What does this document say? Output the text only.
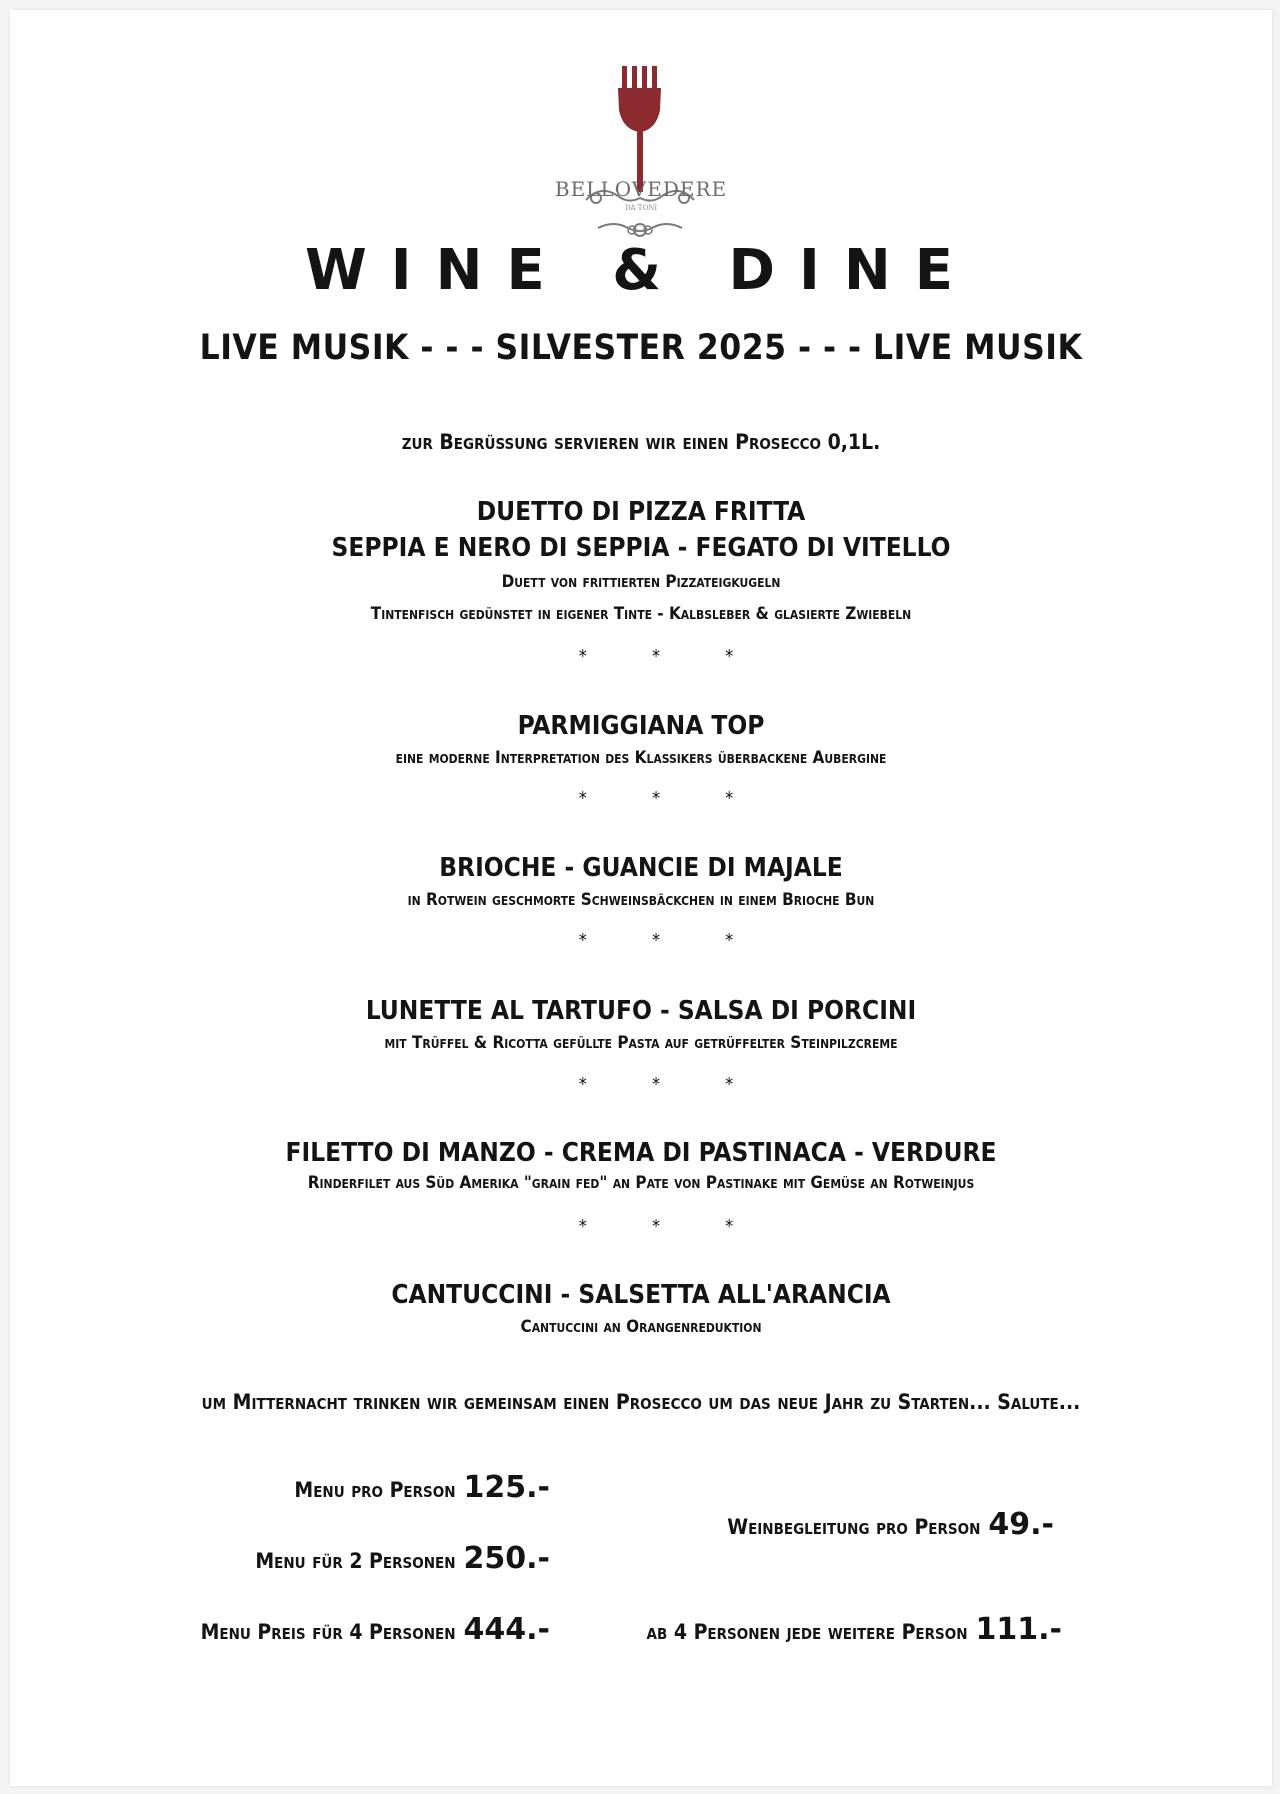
BELLOVEDERE
DA TONI
WINE & DINE
LIVE MUSIK - - - SILVESTER 2025 - - - LIVE MUSIK
zur Begrüßung servieren wir einen Prosecco 0,1L.
DUETTO DI PIZZA FRITTA
SEPPIA E NERO DI SEPPIA - FEGATO DI VITELLO
Duett von frittierten Pizzateigkugeln
Tintenfisch gedünstet in eigener Tinte - Kalbsleber & glasierte Zwiebeln
* * *
PARMIGGIANA TOP
eine moderne Interpretation des Klassikers überbackene Aubergine
* * *
BRIOCHE - GUANCIE DI MAJALE
in Rotwein geschmorte Schweinsbäckchen in einem Brioche Bun
* * *
LUNETTE AL TARTUFO - SALSA DI PORCINI
mit Trüffel & Ricotta gefüllte Pasta auf getrüffelter Steinpilzcreme
* * *
FILETTO DI MANZO - CREMA DI PASTINACA - VERDURE
Rinderfilet aus Süd Amerika "grain fed" an Pate von Pastinake mit Gemüse an Rotweinjus
* * *
CANTUCCINI - SALSETTA ALL'ARANCIA
Cantuccini an Orangenreduktion
um Mitternacht trinken wir gemeinsam einen Prosecco um das neue Jahr zu Starten... Salute...
Menu pro Person 125.-
Menu für 2 Personen 250.-
Menu Preis für 4 Personen 444.-
Weinbegleitung pro Person 49.-
ab 4 Personen jede weitere Person 111.-
